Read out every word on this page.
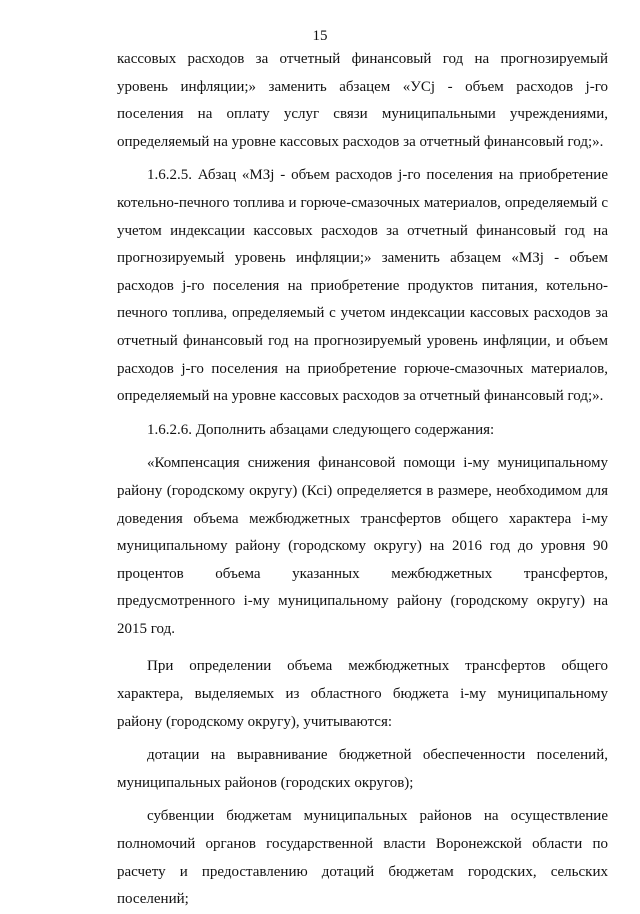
15

кассовых расходов за отчетный финансовый год на прогнозируемый уровень инфляции;» заменить абзацем «УСj - объем расходов j-го поселения на оплату услуг связи муниципальными учреждениями, определяемый на уровне кассовых расходов за отчетный финансовый год;».

1.6.2.5. Абзац «МЗj - объем расходов j-го поселения на приобретение котельно-печного топлива и горюче-смазочных материалов, определяемый с учетом индексации кассовых расходов за отчетный финансовый год на прогнозируемый уровень инфляции;» заменить абзацем «МЗj - объем расходов j-го поселения на приобретение продуктов питания, котельно-печного топлива, определяемый с учетом индексации кассовых расходов за отчетный финансовый год на прогнозируемый уровень инфляции, и объем расходов j-го поселения на приобретение горюче-смазочных материалов, определяемый на уровне кассовых расходов за отчетный финансовый год;».

1.6.2.6. Дополнить абзацами следующего содержания:

«Компенсация снижения финансовой помощи i-му муниципальному району (городскому округу) (Ксi) определяется в размере, необходимом для доведения объема межбюджетных трансфертов общего характера i-му муниципальному району (городскому округу) на 2016 год до уровня 90 процентов объема указанных межбюджетных трансфертов, предусмотренного i-му муниципальному району (городскому округу) на 2015 год.

При определении объема межбюджетных трансфертов общего характера, выделяемых из областного бюджета i-му муниципальному району (городскому округу), учитываются:

дотации на выравнивание бюджетной обеспеченности поселений, муниципальных районов (городских округов);

субвенции бюджетам муниципальных районов на осуществление полномочий органов государственной власти Воронежской области по расчету и предоставлению дотаций бюджетам городских, сельских поселений;
